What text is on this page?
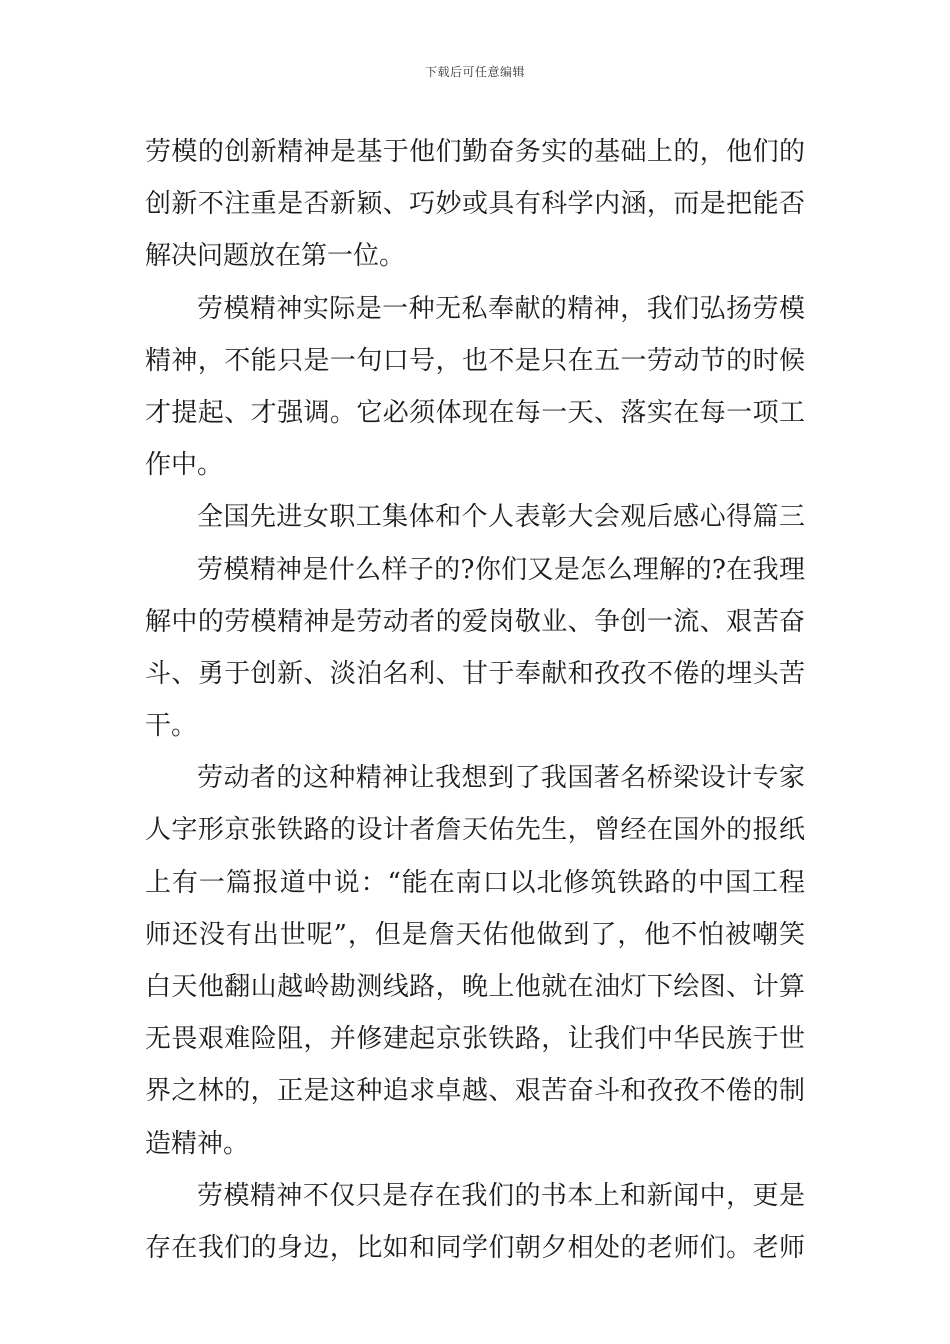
下载后可任意编辑
劳模的创新精神是基于他们勤奋务实的基础上的，他们的
创新不注重是否新颖、巧妙或具有科学内涵，而是把能否
解决问题放在第一位。
劳模精神实际是一种无私奉献的精神，我们弘扬劳模
精神，不能只是一句口号，也不是只在五一劳动节的时候
才提起、才强调。它必须体现在每一天、落实在每一项工
作中。
全国先进女职工集体和个人表彰大会观后感心得篇三
劳模精神是什么样子的?你们又是怎么理解的?在我理
解中的劳模精神是劳动者的爱岗敬业、争创一流、艰苦奋
斗、勇于创新、淡泊名利、甘于奉献和孜孜不倦的埋头苦
干。
劳动者的这种精神让我想到了我国著名桥梁设计专家
人字形京张铁路的设计者詹天佑先生，曾经在国外的报纸
上有一篇报道中说：“能在南口以北修筑铁路的中国工程
师还没有出世呢”，但是詹天佑他做到了，他不怕被嘲笑
白天他翻山越岭勘测线路，晚上他就在油灯下绘图、计算
无畏艰难险阻，并修建起京张铁路，让我们中华民族于世
界之林的，正是这种追求卓越、艰苦奋斗和孜孜不倦的制
造精神。
劳模精神不仅只是存在我们的书本上和新闻中，更是
存在我们的身边，比如和同学们朝夕相处的老师们。老师
